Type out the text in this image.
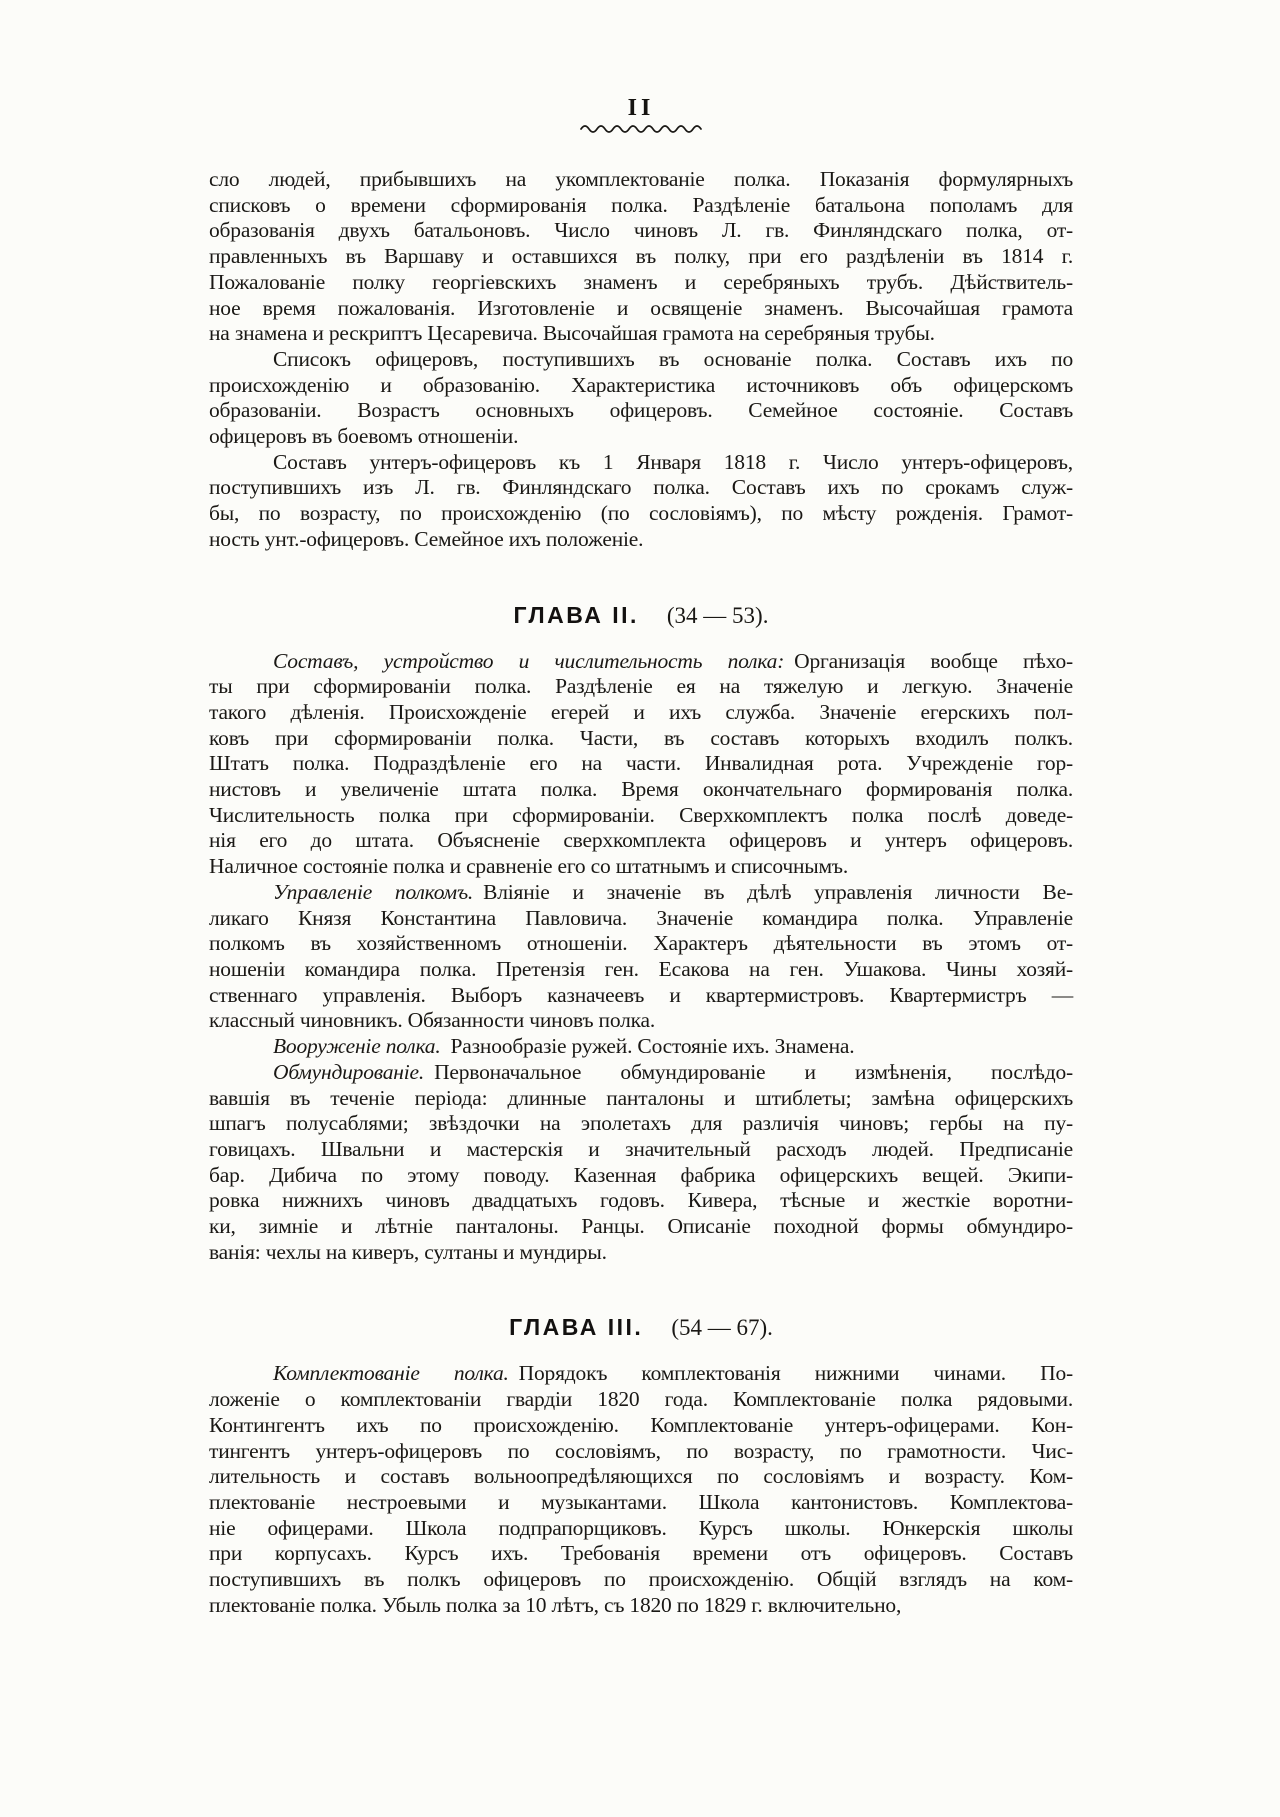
II
сло людей, прибывшихъ на укомплектованіе полка. Показанія формулярныхъ
списковъ о времени сформированія полка. Раздѣленіе батальона пополамъ для
образованія двухъ батальоновъ. Число чиновъ Л. гв. Финляндскаго полка, от-
правленныхъ въ Варшаву и оставшихся въ полку, при его раздѣленіи въ 1814 г.
Пожалованіе полку георгіевскихъ знаменъ и серебряныхъ трубъ. Дѣйствитель-
ное время пожалованія. Изготовленіе и освященіе знаменъ. Высочайшая грамота
на знамена и рескриптъ Цесаревича. Высочайшая грамота на серебряныя трубы.
Списокъ офицеровъ, поступившихъ въ основаніе полка. Составъ ихъ по
происхожденію и образованію. Характеристика источниковъ объ офицерскомъ
образованіи. Возрастъ основныхъ офицеровъ. Семейное состояніе. Составъ
офицеровъ въ боевомъ отношеніи.
Составъ унтеръ-офицеровъ къ 1 Января 1818 г. Число унтеръ-офицеровъ,
поступившихъ изъ Л. гв. Финляндскаго полка. Составъ ихъ по срокамъ служ-
бы, по возрасту, по происхожденію (по сословіямъ), по мѣсту рожденія. Грамот-
ность унт.-офицеровъ. Семейное ихъ положеніе.
ГЛАВА II. (34 — 53).
Составъ, устройство и числительность полка: Организація вообще пѣхо-
ты при сформированіи полка. Раздѣленіе ея на тяжелую и легкую. Значеніе
такого дѣленія. Происхожденіе егерей и ихъ служба. Значеніе егерскихъ пол-
ковъ при сформированіи полка. Части, въ составъ которыхъ входилъ полкъ.
Штатъ полка. Подраздѣленіе его на части. Инвалидная рота. Учрежденіе гор-
нистовъ и увеличеніе штата полка. Время окончательнаго формированія полка.
Числительность полка при сформированіи. Сверхкомплектъ полка послѣ доведе-
нія его до штата. Объясненіе сверхкомплекта офицеровъ и унтеръ офицеровъ.
Наличное состояніе полка и сравненіе его со штатнымъ и списочнымъ.
Управленіе полкомъ. Вліяніе и значеніе въ дѣлѣ управленія личности Ве-
ликаго Князя Константина Павловича. Значеніе командира полка. Управленіе
полкомъ въ хозяйственномъ отношеніи. Характеръ дѣятельности въ этомъ от-
ношеніи командира полка. Претензія ген. Есакова на ген. Ушакова. Чины хозяй-
ственнаго управленія. Выборъ казначеевъ и квартермистровъ. Квартермистръ —
классный чиновникъ. Обязанности чиновъ полка.
Вооруженіе полка. Разнообразіе ружей. Состояніе ихъ. Знамена.
Обмундированіе. Первоначальное обмундированіе и измѣненія, послѣдо-
вавшія въ теченіе періода: длинные панталоны и штиблеты; замѣна офицерскихъ
шпагъ полусаблями; звѣздочки на эполетахъ для различія чиновъ; гербы на пу-
говицахъ. Швальни и мастерскія и значительный расходъ людей. Предписаніе
бар. Дибича по этому поводу. Казенная фабрика офицерскихъ вещей. Экипи-
ровка нижнихъ чиновъ двадцатыхъ годовъ. Кивера, тѣсные и жесткіе воротни-
ки, зимніе и лѣтніе панталоны. Ранцы. Описаніе походной формы обмундиро-
ванія: чехлы на киверъ, султаны и мундиры.
ГЛАВА III. (54 — 67).
Комплектованіе полка. Порядокъ комплектованія нижними чинами. По-
ложеніе о комплектованіи гвардіи 1820 года. Комплектованіе полка рядовыми.
Контингентъ ихъ по происхожденію. Комплектованіе унтеръ-офицерами. Кон-
тингентъ унтеръ-офицеровъ по сословіямъ, по возрасту, по грамотности. Чис-
лительность и составъ вольноопредѣляющихся по сословіямъ и возрасту. Ком-
плектованіе нестроевыми и музыкантами. Школа кантонистовъ. Комплектова-
ніе офицерами. Школа подпрапорщиковъ. Курсъ школы. Юнкерскія школы
при корпусахъ. Курсъ ихъ. Требованія времени отъ офицеровъ. Составъ
поступившихъ въ полкъ офицеровъ по происхожденію. Общій взглядъ на ком-
плектованіе полка. Убыль полка за 10 лѣтъ, съ 1820 по 1829 г. включительно,
